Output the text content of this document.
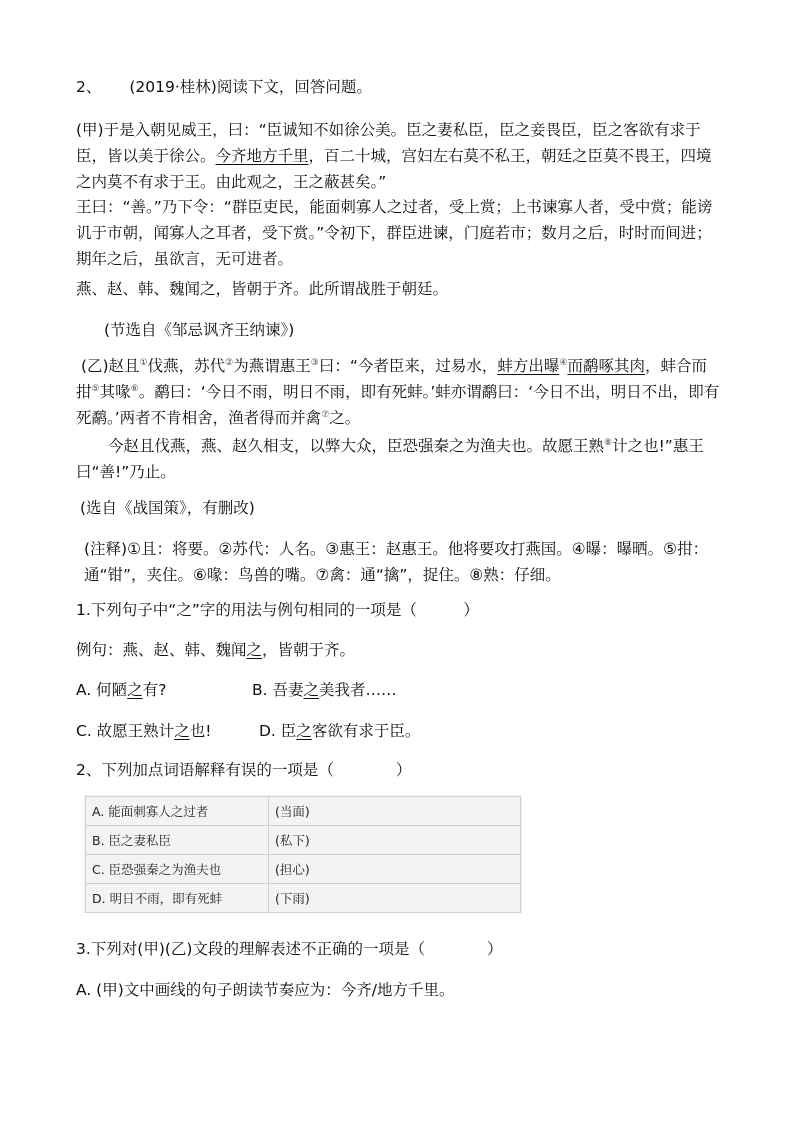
2、 (2019·桂林)阅读下文，回答问题。
(甲)于是入朝见威王，曰：“臣诚知不如徐公美。臣之妻私臣，臣之妾畏臣，臣之客欲有求于臣，皆以美于徐公。今齐地方千里，百二十城，宫妇左右莫不私王，朝廷之臣莫不畏王，四境之内莫不有求于王。由此观之，王之蔽甚矣。”
王曰：“善。”乃下令：“群臣吏民，能面刺寡人之过者，受上赏；上书谏寡人者，受中赏；能谤讥于市朝，闻寡人之耳者，受下赏。”令初下，群臣进谏，门庭若市；数月之后，时时而间进；期年之后，虽欲言，无可进者。
燕、赵、韩、魏闻之，皆朝于齐。此所谓战胜于朝廷。
(节选自《邹忌讽齐王纳谏》)
(乙)赵且①伐燕，苏代②为燕谓惠王③曰：“今者臣来，过易水，蚌方出曝④而鹬啄其肉，蚌合而拑⑤其喙⑥。鹬曰：‘今日不雨，明日不雨，即有死蚌。’蚌亦谓鹬曰：‘今日不出，明日不出，即有死鹬。’两者不肯相舍，渔者得而并禽⑦之。
今赵且伐燕，燕、赵久相支，以弊大众，臣恐强秦之为渔夫也。故愿王熟⑧计之也!”惠王曰“善!”乃止。
(选自《战国策》，有删改)
(注释)①且：将要。②苏代：人名。③惠王：赵惠王。他将要攻打燕国。④曝：曝晒。⑤拑：通“钳”，夹住。⑥喙：鸟兽的嘴。⑦禽：通“擒”，捉住。⑧熟：仔细。
1.下列句子中“之”字的用法与例句相同的一项是（　　　）
例句：燕、赵、韩、魏闻之，皆朝于齐。
A. 何陋之有?	B. 吾妻之美我者……
C. 故愿王熟计之也!	D. 臣之客欲有求于臣。
2、下列加点词语解释有误的一项是（　　　　）
A. 能面刺寡人之过者	(当面)
B. 臣之妻私臣	(私下)
C. 臣恐强秦之为渔夫也	(担心)
D. 明日不雨，即有死蚌	(下雨)
3.下列对(甲)(乙)文段的理解表述不正确的一项是（　　　　）
A. (甲)文中画线的句子朗读节奏应为：今齐/地方千里。
